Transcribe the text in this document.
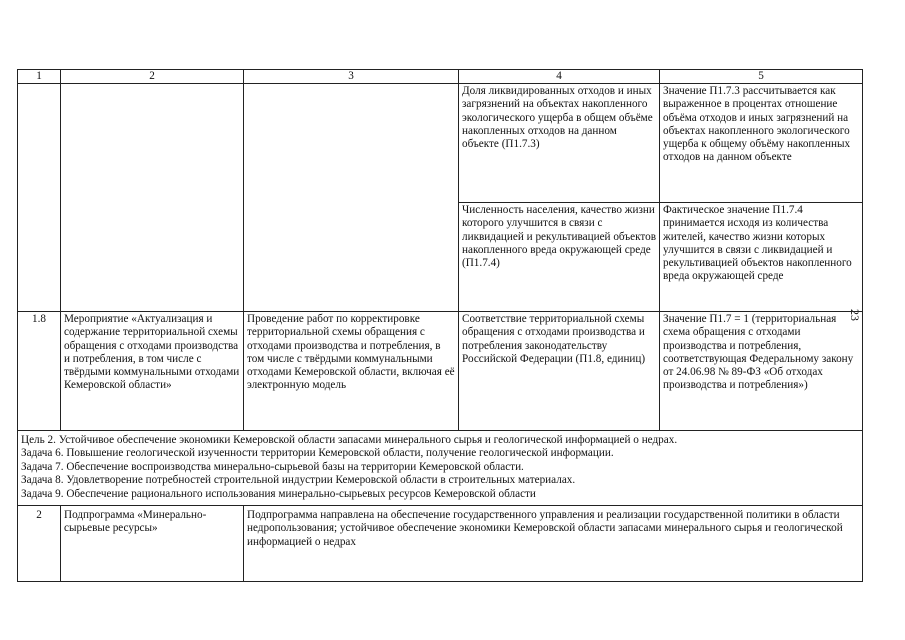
23
1	2	3	4	5
			Доля ликвидированных отходов и иных загрязнений на объектах накопленного экологического ущерба в общем объёме накопленных отходов на данном объекте (П1.7.3)	Значение П1.7.3 рассчитывается как выраженное в процентах отношение объёма отходов и иных загрязнений на объектах накопленного экологического ущерба к общему объёму накопленных отходов на данном объекте
			Численность населения, качество жизни которого улучшится в связи с ликвидацией и рекультивацией объектов накопленного вреда окружающей среде (П1.7.4)	Фактическое значение П1.7.4 принимается исходя из количества жителей, качество жизни которых улучшится в связи с ликвидацией и рекультивацией объектов накопленного вреда окружающей среде
1.8	Мероприятие «Актуализация и содержание территориальной схемы обращения с отходами производства и потребления, в том числе с твёрдыми коммунальными отходами Кемеровской области»	Проведение работ по корректировке территориальной схемы обращения с отходами производства и потребления, в том числе с твёрдыми коммунальными отходами Кемеровской области, включая её электронную модель	Соответствие территориальной схемы обращения с отходами производства и потребления законодательству Российской Федерации (П1.8, единиц)	Значение П1.7 = 1 (территориальная схема обращения с отходами производства и потребления, соответствующая Федеральному закону от 24.06.98 № 89-ФЗ «Об отходах производства и потребления»)

Цель 2. Устойчивое обеспечение экономики Кемеровской области запасами минерального сырья и геологической информацией о недрах.
Задача 6. Повышение геологической изученности территории Кемеровской области, получение геологической информации.
Задача 7. Обеспечение воспроизводства минерально-сырьевой базы на территории Кемеровской области.
Задача 8. Удовлетворение потребностей строительной индустрии Кемеровской области в строительных материалах.
Задача 9. Обеспечение рационального использования минерально-сырьевых ресурсов Кемеровской области				

2	Подпрограмма «Минерально-сырьевые ресурсы»	Подпрограмма направлена на обеспечение государственного управления и реализации государственной политики в области недропользования; устойчивое обеспечение экономики Кемеровской области запасами минерального сырья и геологической информацией о недрах		
